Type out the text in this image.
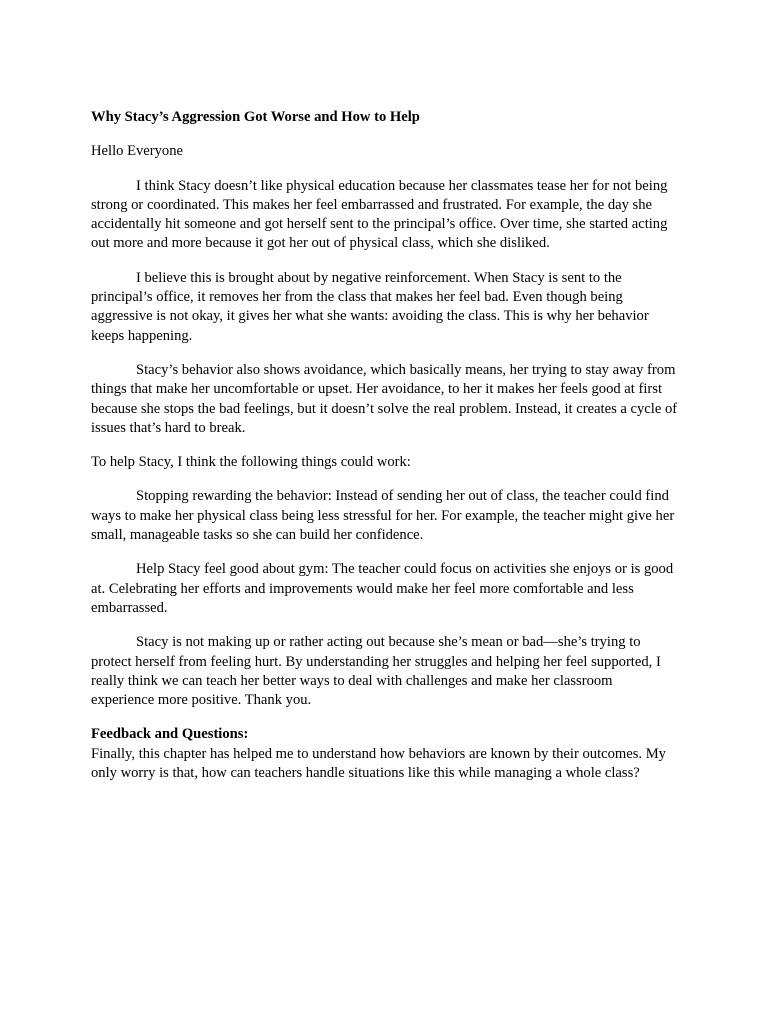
Why Stacy’s Aggression Got Worse and How to Help

Hello Everyone

I think Stacy doesn’t like physical education because her classmates tease her for not being strong or coordinated. This makes her feel embarrassed and frustrated. For example, the day she accidentally hit someone and got herself sent to the principal’s office. Over time, she started acting out more and more because it got her out of physical class, which she disliked.

I believe this is brought about by negative reinforcement. When Stacy is sent to the principal’s office, it removes her from the class that makes her feel bad. Even though being aggressive is not okay, it gives her what she wants: avoiding the class. This is why her behavior keeps happening.

Stacy’s behavior also shows avoidance, which basically means, her trying to stay away from things that make her uncomfortable or upset. Her avoidance, to her it makes her feels good at first because she stops the bad feelings, but it doesn’t solve the real problem. Instead, it creates a cycle of issues that’s hard to break.

To help Stacy, I think the following things could work:

Stopping rewarding the behavior: Instead of sending her out of class, the teacher could find ways to make her physical class being less stressful for her. For example, the teacher might give her small, manageable tasks so she can build her confidence.

Help Stacy feel good about gym: The teacher could focus on activities she enjoys or is good at. Celebrating her efforts and improvements would make her feel more comfortable and less embarrassed.

Stacy is not making up or rather acting out because she’s mean or bad—she’s trying to protect herself from feeling hurt. By understanding her struggles and helping her feel supported, I really think we can teach her better ways to deal with challenges and make her classroom experience more positive. Thank you.

Feedback and Questions:

Finally, this chapter has helped me to understand how behaviors are known by their outcomes. My only worry is that, how can teachers handle situations like this while managing a whole class?
